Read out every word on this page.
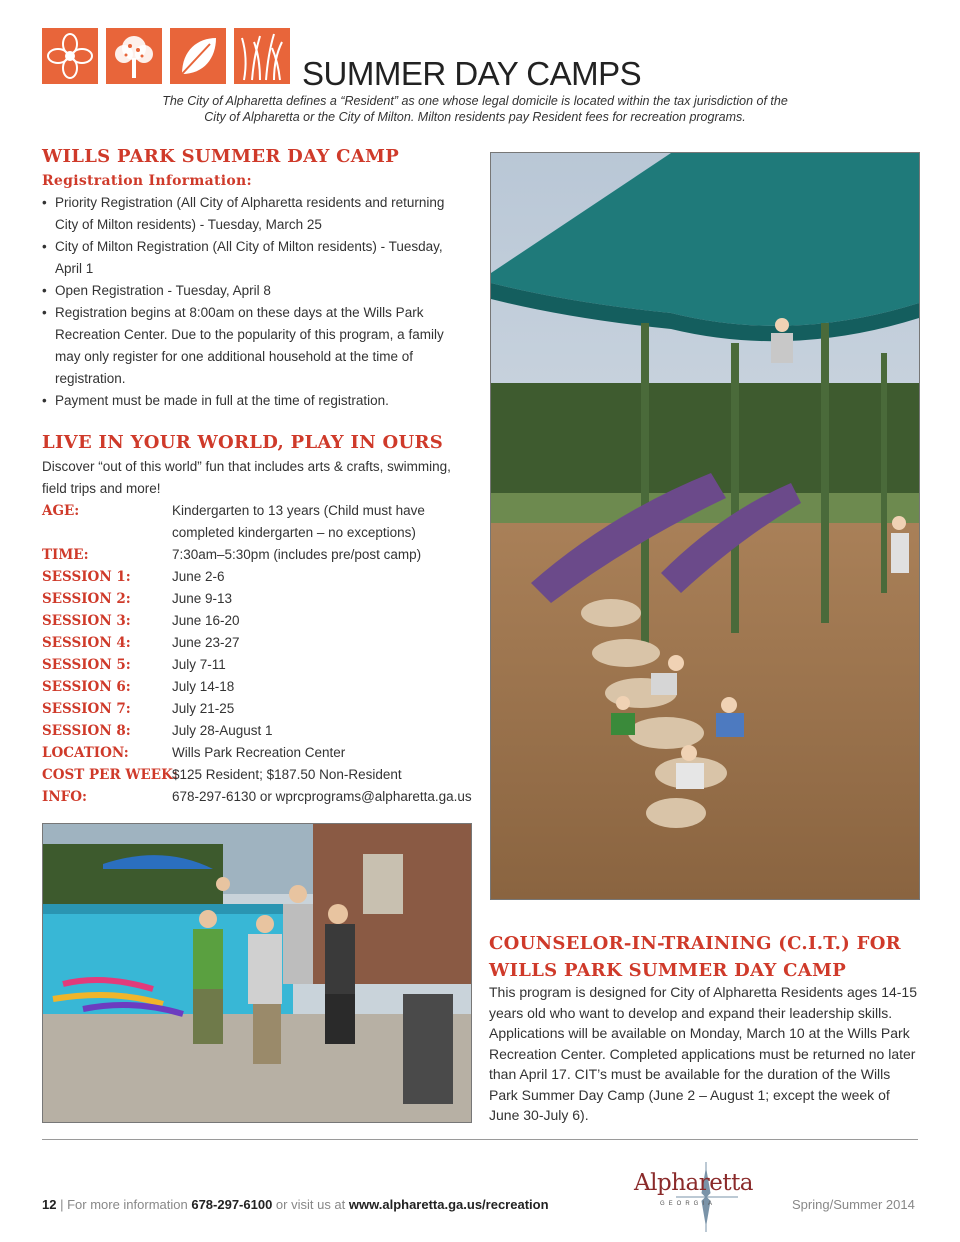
SUMMER DAY CAMPS
The City of Alpharetta defines a “Resident” as one whose legal domicile is located within the tax jurisdiction of the
City of Alpharetta or the City of Milton. Milton residents pay Resident fees for recreation programs.
WILLS PARK SUMMER DAY CAMP
Registration Information:
• Priority Registration (All City of Alpharetta residents and returning City of Milton residents) - Tuesday, March 25
• City of Milton Registration (All City of Milton residents) - Tuesday, April 1
• Open Registration - Tuesday, April 8
• Registration begins at 8:00am on these days at the Wills Park Recreation Center. Due to the popularity of this program, a family may only register for one additional household at the time of registration.
• Payment must be made in full at the time of registration.
LIVE IN YOUR WORLD, PLAY IN OURS
Discover “out of this world” fun that includes arts & crafts, swimming, field trips and more!
AGE:	Kindergarten to 13 years (Child must have completed kindergarten – no exceptions)
TIME:	7:30am–5:30pm (includes pre/post camp)
SESSION 1:	June 2-6
SESSION 2:	June 9-13
SESSION 3:	June 16-20
SESSION 4:	June 23-27
SESSION 5:	July 7-11
SESSION 6:	July 14-18
SESSION 7:	July 21-25
SESSION 8:	July 28-August 1
LOCATION:	Wills Park Recreation Center
COST PER WEEK:
$125 Resident; $187.50 Non-Resident
INFO:	678-297-6130 or wprcprograms@alpharetta.ga.us
COUNSELOR-IN-TRAINING (C.I.T.) FOR
WILLS PARK SUMMER DAY CAMP
This program is designed for City of Alpharetta Residents ages 14-15 years old who want to develop and expand their leadership skills. Applications will be available on Monday, March 10 at the Wills Park Recreation Center. Completed applications must be returned no later than April 17. CIT’s must be available for the duration of the Wills Park Summer Day Camp (June 2 – August 1; except the week of June 30-July 6).
12 | For more information 678-297-6100 or visit us at www.alpharetta.ga.us/recreation
Alpharetta
GEORGIA	Spring/Summer 2014
